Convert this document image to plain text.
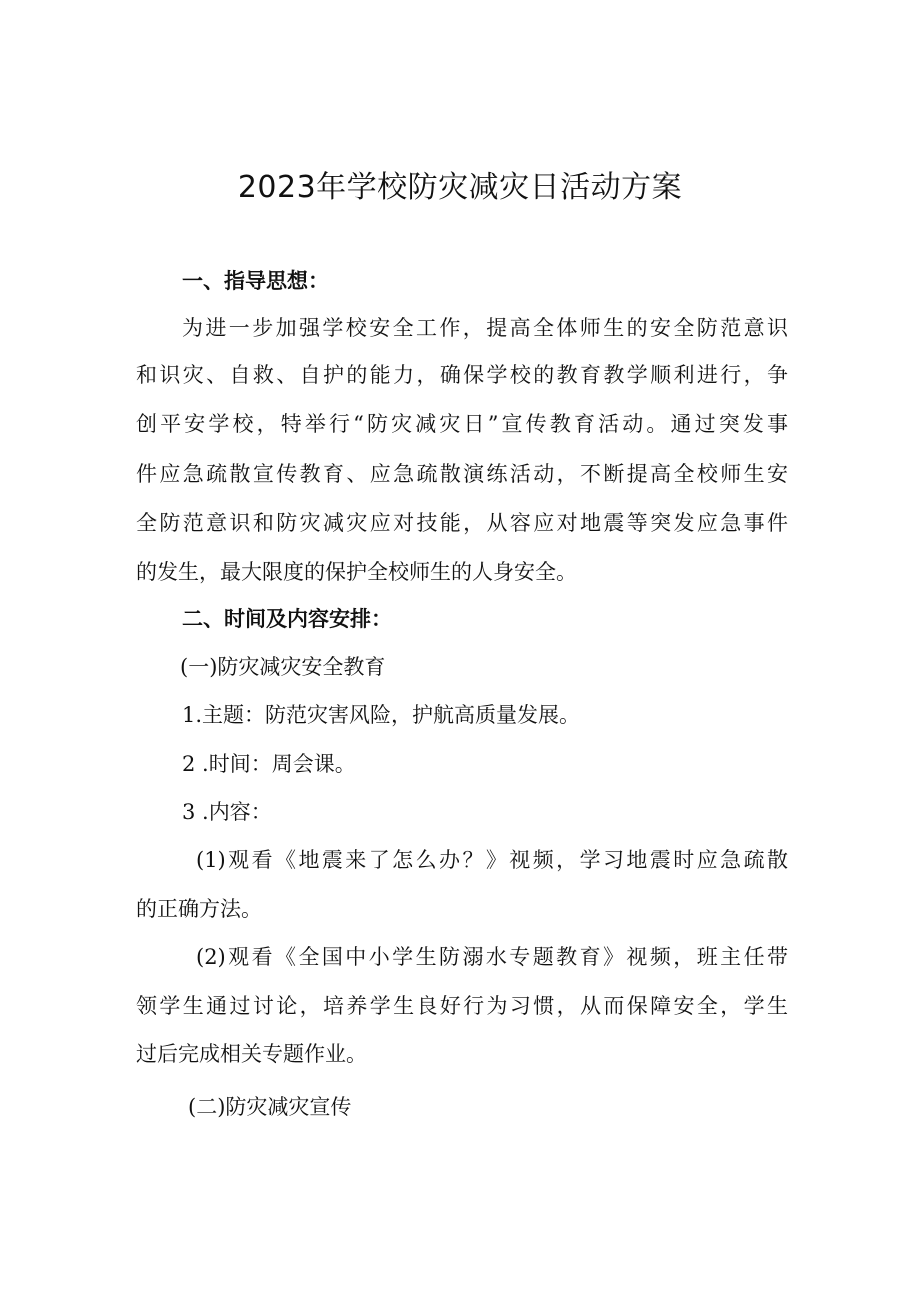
2023年学校防灾减灾日活动方案
一、指导思想：
为进一步加强学校安全工作，提高全体师生的安全防范意识
和识灾、自救、自护的能力，确保学校的教育教学顺利进行，争
创平安学校，特举行“防灾减灾日”宣传教育活动。通过突发事
件应急疏散宣传教育、应急疏散演练活动，不断提高全校师生安
全防范意识和防灾减灾应对技能，从容应对地震等突发应急事件
的发生，最大限度的保护全校师生的人身安全。
二、时间及内容安排：
(一)防灾减灾安全教育
1.主题：防范灾害风险，护航高质量发展。
2 .时间：周会课。
3 .内容：
(1)观看《地震来了怎么办？》视频，学习地震时应急疏散
的正确方法。
(2)观看《全国中小学生防溺水专题教育》视频，班主任带
领学生通过讨论，培养学生良好行为习惯，从而保障安全，学生
过后完成相关专题作业。
(二)防灾减灾宣传
